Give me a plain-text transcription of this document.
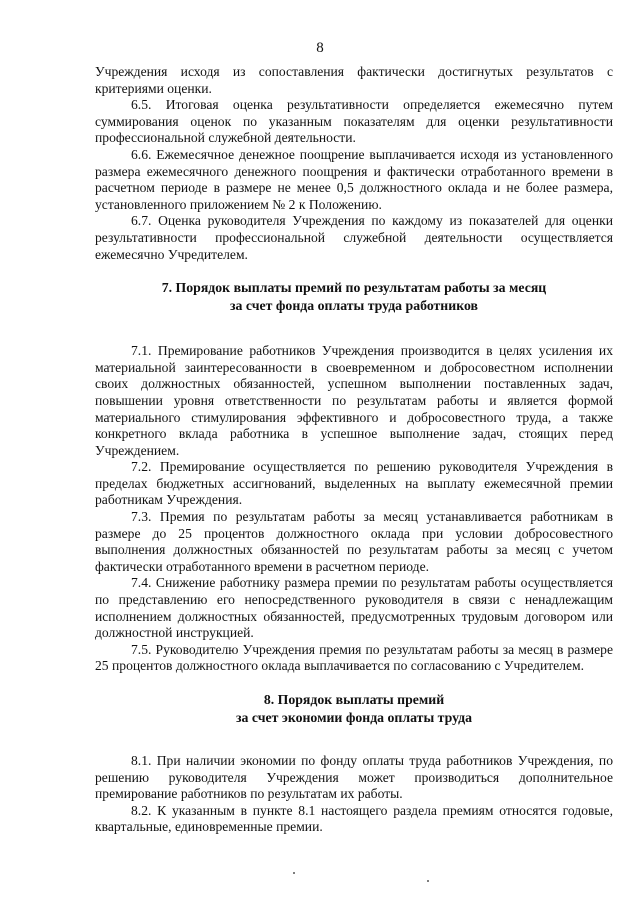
8

Учреждения исходя из сопоставления фактически достигнутых результатов с критериями оценки.

6.5. Итоговая оценка результативности определяется ежемесячно путем суммирования оценок по указанным показателям для оценки результативности профессиональной служебной деятельности.

6.6. Ежемесячное денежное поощрение выплачивается исходя из установленного размера ежемесячного денежного поощрения и фактически отработанного времени в расчетном периоде в размере не менее 0,5 должностного оклада и не более размера, установленного приложением № 2 к Положению.

6.7. Оценка руководителя Учреждения по каждому из показателей для оценки результативности профессиональной служебной деятельности осуществляется ежемесячно Учредителем.

7. Порядок выплаты премий по результатам работы за месяц
за счет фонда оплаты труда работников

7.1. Премирование работников Учреждения производится в целях усиления их материальной заинтересованности в своевременном и добросовестном исполнении своих должностных обязанностей, успешном выполнении поставленных задач, повышении уровня ответственности по результатам работы и является формой материального стимулирования эффективного и добросовестного труда, а также конкретного вклада работника в успешное выполнение задач, стоящих перед Учреждением.

7.2. Премирование осуществляется по решению руководителя Учреждения в пределах бюджетных ассигнований, выделенных на выплату ежемесячной премии работникам Учреждения.

7.3. Премия по результатам работы за месяц устанавливается работникам в размере до 25 процентов должностного оклада при условии добросовестного выполнения должностных обязанностей по результатам работы за месяц с учетом фактически отработанного времени в расчетном периоде.

7.4. Снижение работнику размера премии по результатам работы осуществляется по представлению его непосредственного руководителя в связи с ненадлежащим исполнением должностных обязанностей, предусмотренных трудовым договором или должностной инструкцией.

7.5. Руководителю Учреждения премия по результатам работы за месяц в размере 25 процентов должностного оклада выплачивается по согласованию с Учредителем.

8. Порядок выплаты премий
за счет экономии фонда оплаты труда

8.1. При наличии экономии по фонду оплаты труда работников Учреждения, по решению руководителя Учреждения может производиться дополнительное премирование работников по результатам их работы.

8.2. К указанным в пункте 8.1 настоящего раздела премиям относятся годовые, квартальные, единовременные премии.
